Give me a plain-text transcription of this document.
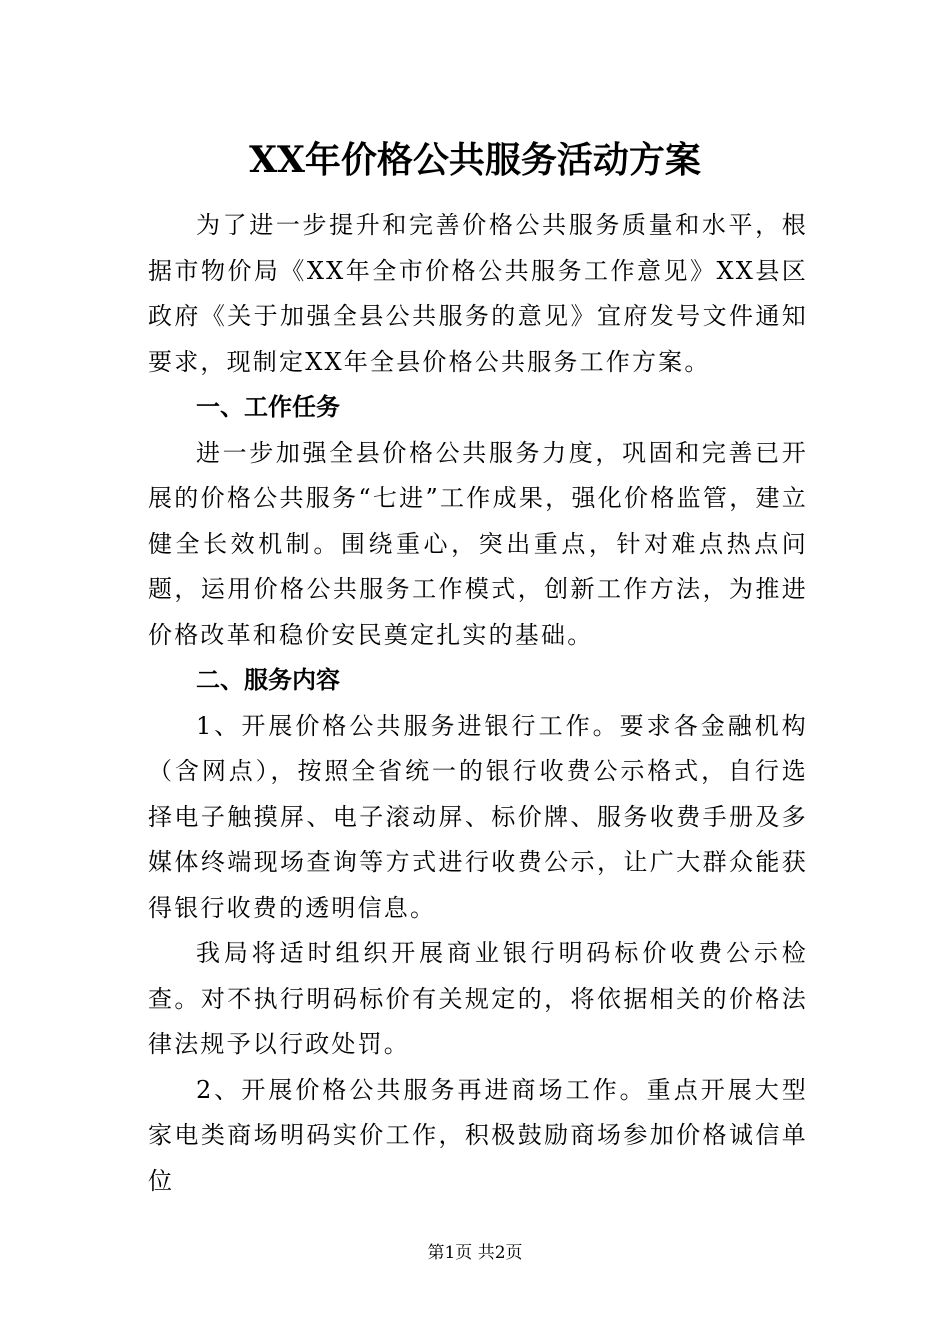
XX年价格公共服务活动方案

为了进一步提升和完善价格公共服务质量和水平，根据市物价局《XX年全市价格公共服务工作意见》XX县区政府《关于加强全县公共服务的意见》宜府发号文件通知要求，现制定XX年全县价格公共服务工作方案。

一、工作任务

进一步加强全县价格公共服务力度，巩固和完善已开展的价格公共服务“七进”工作成果，强化价格监管，建立健全长效机制。围绕重心，突出重点，针对难点热点问题，运用价格公共服务工作模式，创新工作方法，为推进价格改革和稳价安民奠定扎实的基础。

二、服务内容

1、开展价格公共服务进银行工作。要求各金融机构（含网点），按照全省统一的银行收费公示格式，自行选择电子触摸屏、电子滚动屏、标价牌、服务收费手册及多媒体终端现场查询等方式进行收费公示，让广大群众能获得银行收费的透明信息。

我局将适时组织开展商业银行明码标价收费公示检查。对不执行明码标价有关规定的，将依据相关的价格法律法规予以行政处罚。

2、开展价格公共服务再进商场工作。重点开展大型家电类商场明码实价工作，积极鼓励商场参加价格诚信单位

第1页 共2页
